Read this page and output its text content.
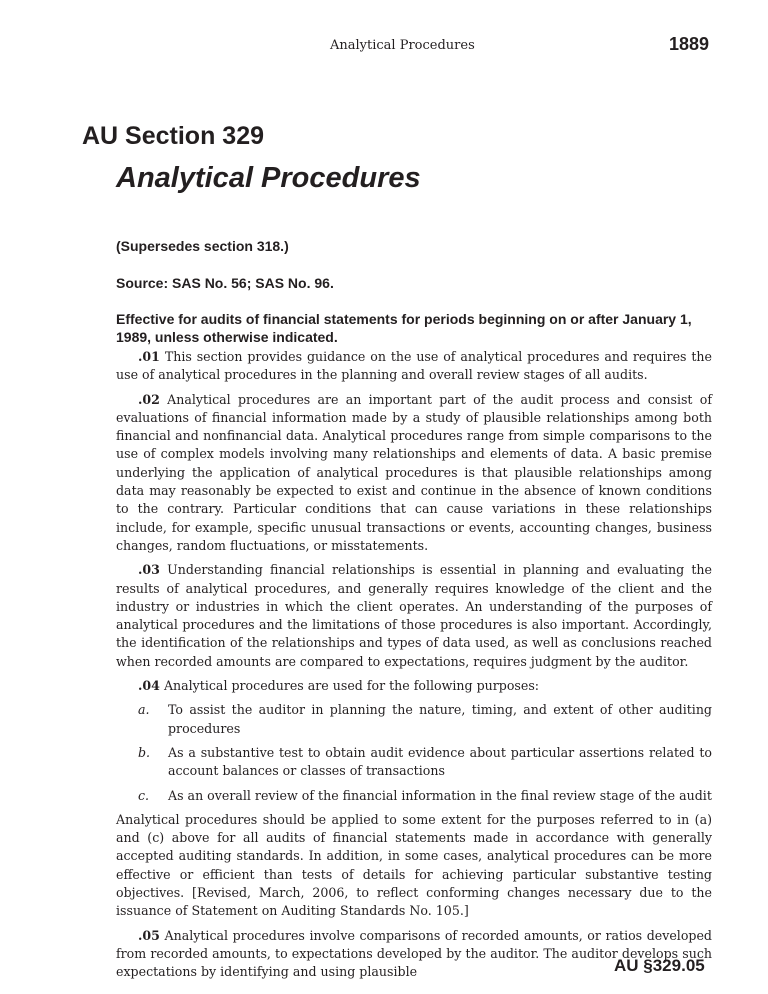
Analytical Procedures	1889
AU Section 329
Analytical Procedures
(Supersedes section 318.)
Source: SAS No. 56; SAS No. 96.
Effective for audits of financial statements for periods beginning on or after January 1, 1989, unless otherwise indicated.

.01 This section provides guidance on the use of analytical procedures and requires the use of analytical procedures in the planning and overall review stages of all audits.

.02 Analytical procedures are an important part of the audit process and consist of evaluations of financial information made by a study of plausible relationships among both financial and nonfinancial data. Analytical procedures range from simple comparisons to the use of complex models involving many relationships and elements of data. A basic premise underlying the application of analytical procedures is that plausible relationships among data may reasonably be expected to exist and continue in the absence of known conditions to the contrary. Particular conditions that can cause variations in these relationships include, for example, specific unusual transactions or events, accounting changes, business changes, random fluctuations, or misstatements.

.03 Understanding financial relationships is essential in planning and evaluating the results of analytical procedures, and generally requires knowledge of the client and the industry or industries in which the client operates. An understanding of the purposes of analytical procedures and the limitations of those procedures is also important. Accordingly, the identification of the relationships and types of data used, as well as conclusions reached when recorded amounts are compared to expectations, requires judgment by the auditor.

.04 Analytical procedures are used for the following purposes:

a.	To assist the auditor in planning the nature, timing, and extent of other auditing procedures
b.	As a substantive test to obtain audit evidence about particular assertions related to account balances or classes of transactions
c.	As an overall review of the financial information in the final review stage of the audit

Analytical procedures should be applied to some extent for the purposes referred to in (a) and (c) above for all audits of financial statements made in accordance with generally accepted auditing standards. In addition, in some cases, analytical procedures can be more effective or efficient than tests of details for achieving particular substantive testing objectives. [Revised, March, 2006, to reflect conforming changes necessary due to the issuance of Statement on Auditing Standards No. 105.]

.05 Analytical procedures involve comparisons of recorded amounts, or ratios developed from recorded amounts, to expectations developed by the auditor. The auditor develops such expectations by identifying and using plausible	AU §329.05
